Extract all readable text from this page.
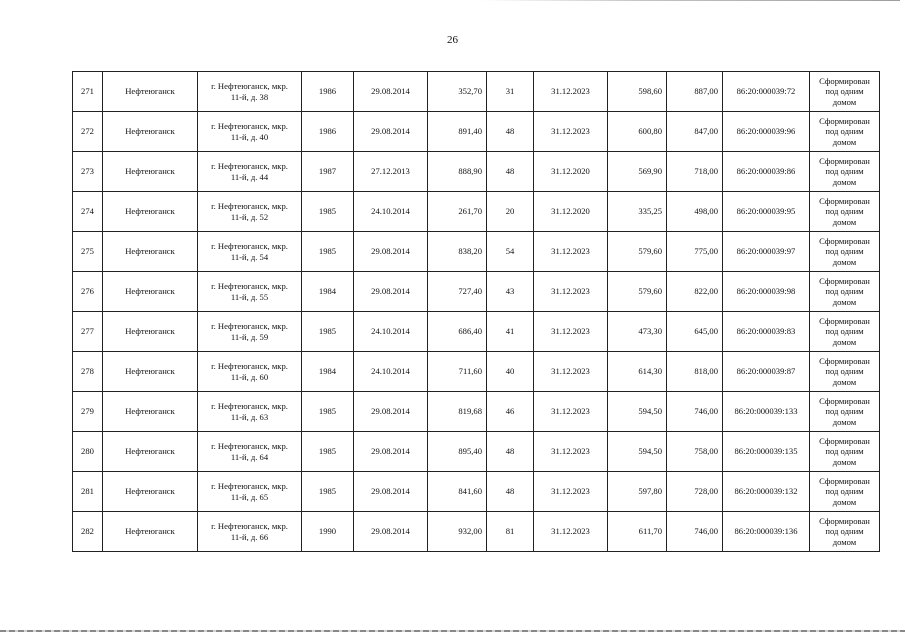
26
271	Нефтеюганск	г. Нефтеюганск, мкр.
11-й, д. 38	1986	29.08.2014	352,70	31	31.12.2023	598,60	887,00	86:20:000039:72	Сформирован
под одним
домом

272	Нефтеюганск	г. Нефтеюганск, мкр.
11-й, д. 40	1986	29.08.2014	891,40	48	31.12.2023	600,80	847,00	86:20:000039:96	Сформирован
под одним
домом

273	Нефтеюганск	г. Нефтеюганск, мкр.
11-й, д. 44	1987	27.12.2013	888,90	48	31.12.2020	569,90	718,00	86:20:000039:86	Сформирован
под одним
домом

274	Нефтеюганск	г. Нефтеюганск, мкр.
11-й, д. 52	1985	24.10.2014	261,70	20	31.12.2020	335,25	498,00	86:20:000039:95	Сформирован
под одним
домом

275	Нефтеюганск	г. Нефтеюганск, мкр.
11-й, д. 54	1985	29.08.2014	838,20	54	31.12.2023	579,60	775,00	86:20:000039:97	Сформирован
под одним
домом

276	Нефтеюганск	г. Нефтеюганск, мкр.
11-й, д. 55	1984	29.08.2014	727,40	43	31.12.2023	579,60	822,00	86:20:000039:98	Сформирован
под одним
домом

277	Нефтеюганск	г. Нефтеюганск, мкр.
11-й, д. 59	1985	24.10.2014	686,40	41	31.12.2023	473,30	645,00	86:20:000039:83	Сформирован
под одним
домом

278	Нефтеюганск	г. Нефтеюганск, мкр.
11-й, д. 60	1984	24.10.2014	711,60	40	31.12.2023	614,30	818,00	86:20:000039:87	Сформирован
под одним
домом

279	Нефтеюганск	г. Нефтеюганск, мкр.
11-й, д. 63	1985	29.08.2014	819,68	46	31.12.2023	594,50	746,00	86:20:000039:133	Сформирован
под одним
домом

280	Нефтеюганск	г. Нефтеюганск, мкр.
11-й, д. 64	1985	29.08.2014	895,40	48	31.12.2023	594,50	758,00	86:20:000039:135	Сформирован
под одним
домом

281	Нефтеюганск	г. Нефтеюганск, мкр.
11-й, д. 65	1985	29.08.2014	841,60	48	31.12.2023	597,80	728,00	86:20:000039:132	Сформирован
под одним
домом

282	Нефтеюганск	г. Нефтеюганск, мкр.
11-й, д. 66	1990	29.08.2014	932,00	81	31.12.2023	611,70	746,00	86:20:000039:136	Сформирован
под одним
домом
